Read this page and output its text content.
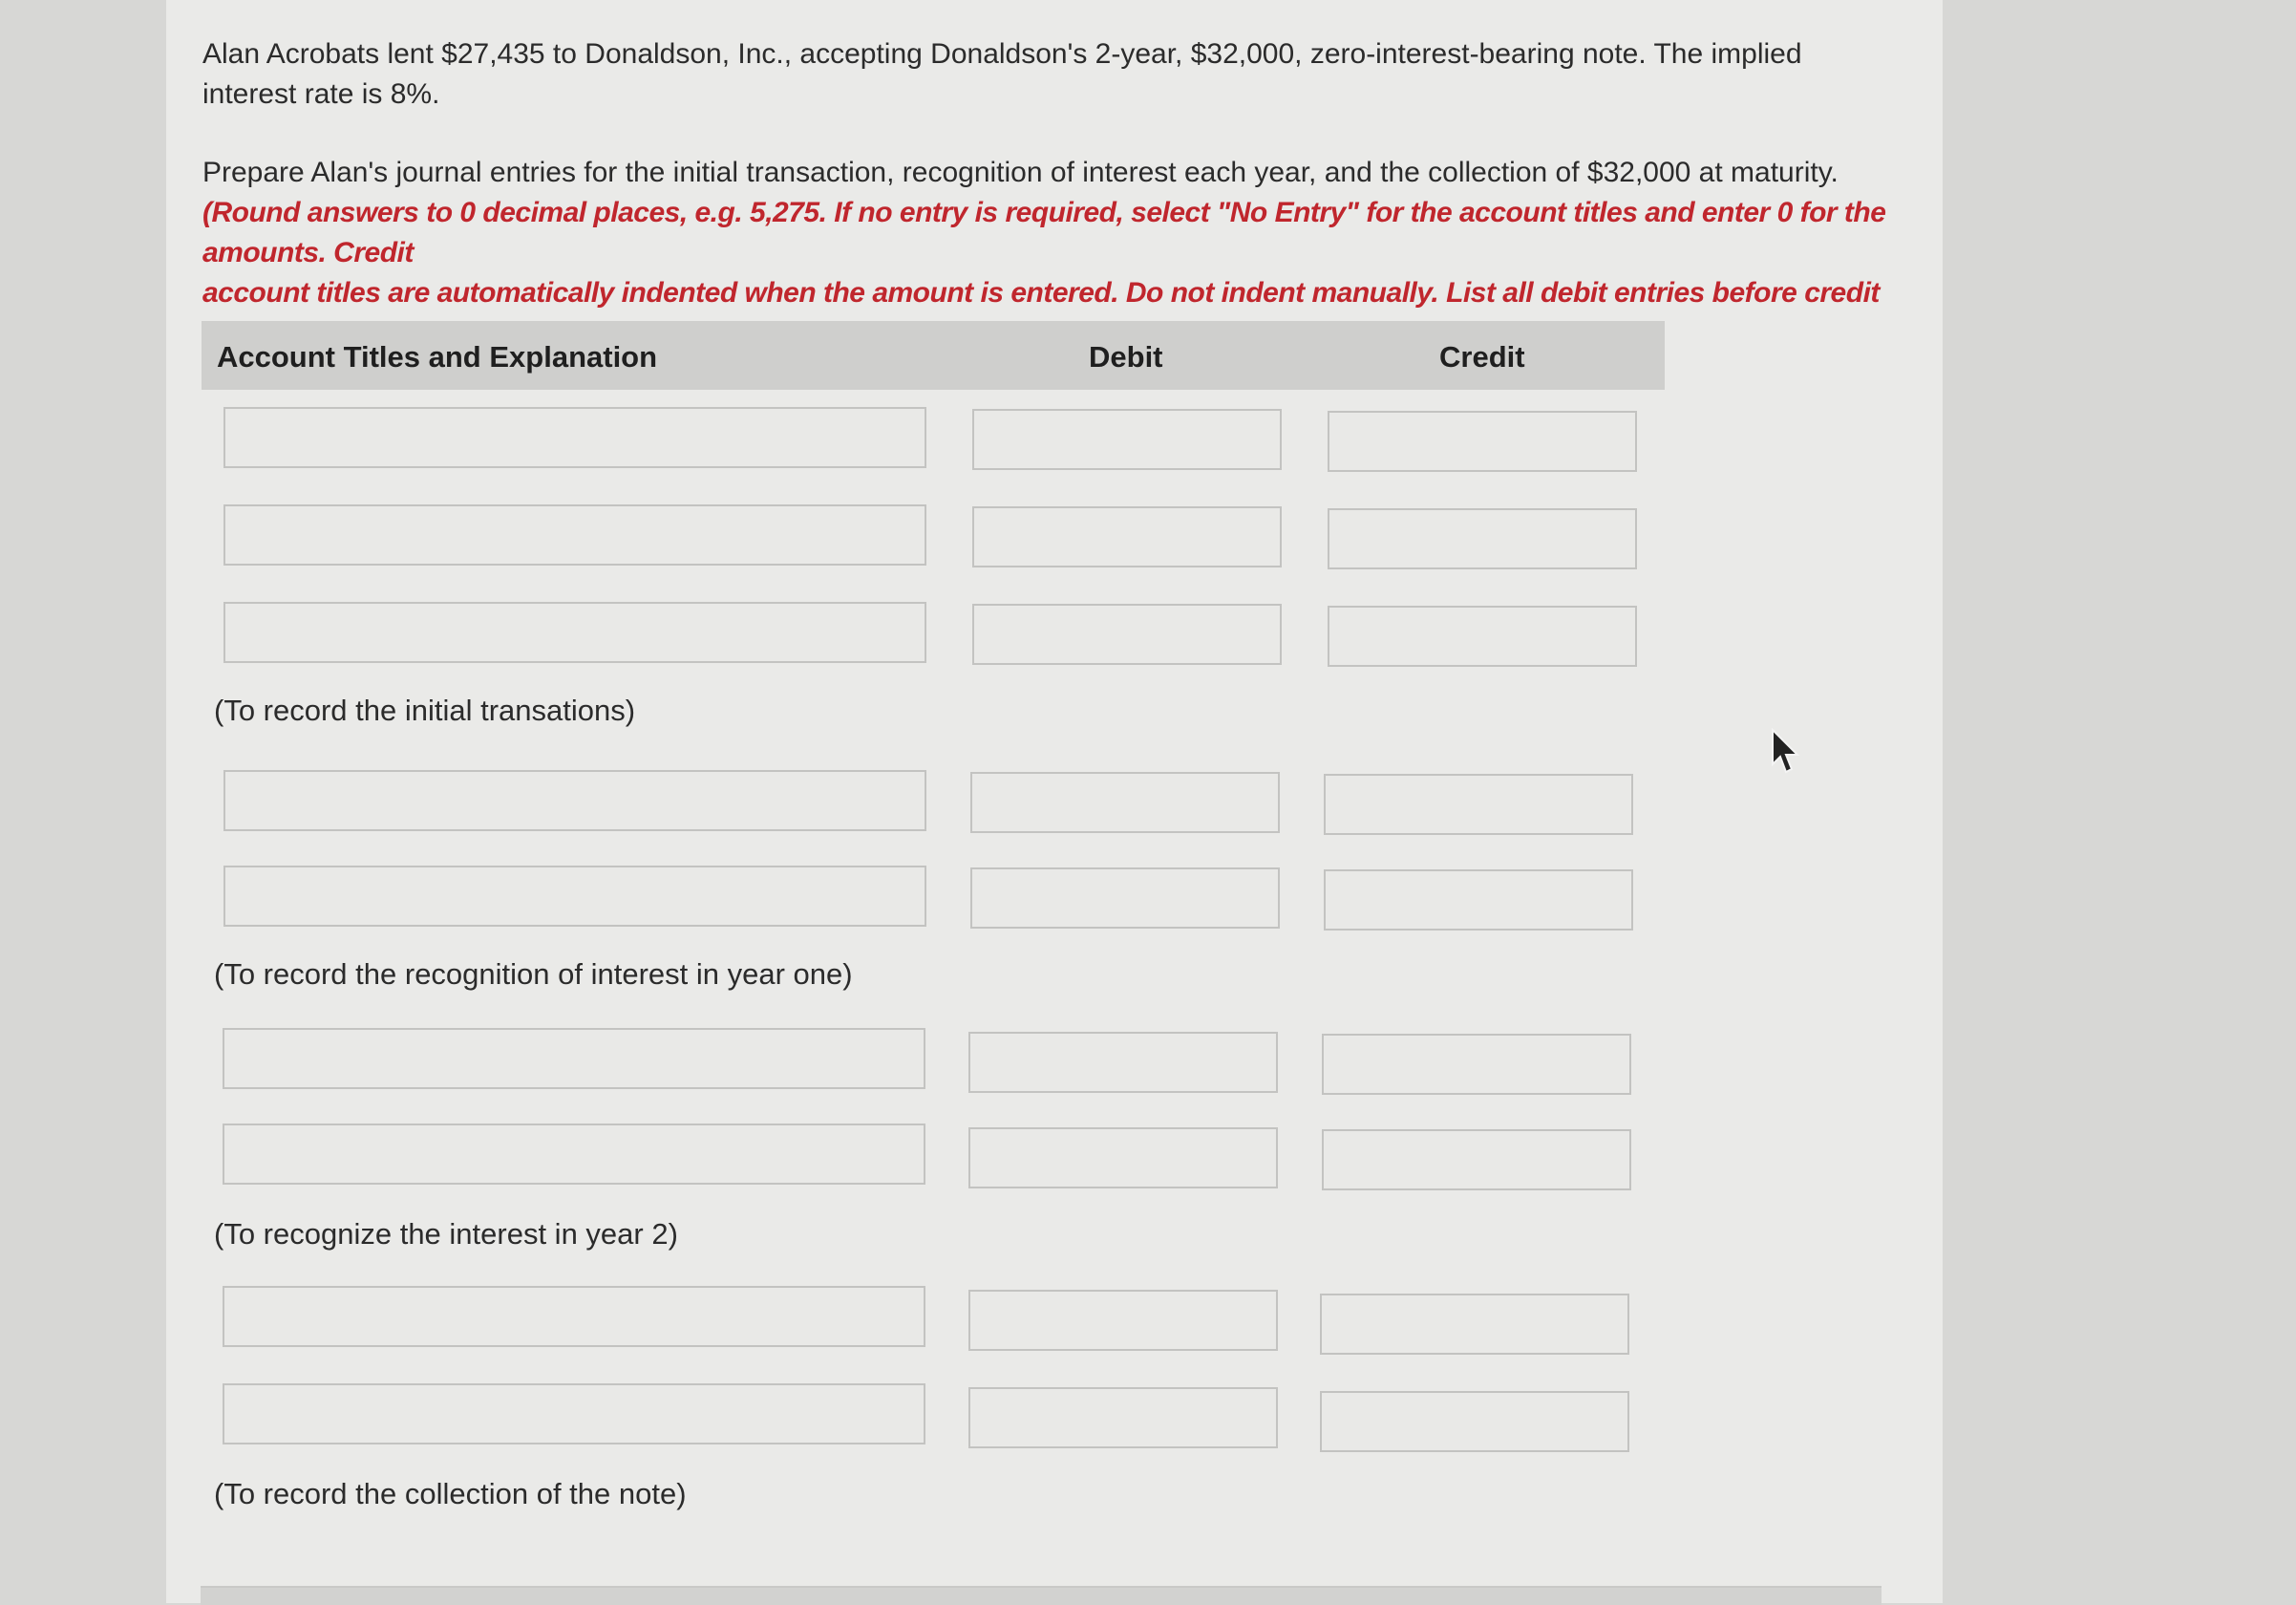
Alan Acrobats lent $27,435 to Donaldson, Inc., accepting Donaldson's 2-year, $32,000, zero-interest-bearing note. The implied

interest rate is 8%.

Prepare Alan's journal entries for the initial transaction, recognition of interest each year, and the collection of $32,000 at maturity.

(Round answers to 0 decimal places, e.g. 5,275. If no entry is required, select "No Entry" for the account titles and enter 0 for the amounts. Credit

account titles are automatically indented when the amount is entered. Do not indent manually. List all debit entries before credit

Account Titles and Explanation	Debit	Credit
(To record the initial transations)
(To record the recognition of interest in year one)
(To recognize the interest in year 2)
(To record the collection of the note)
